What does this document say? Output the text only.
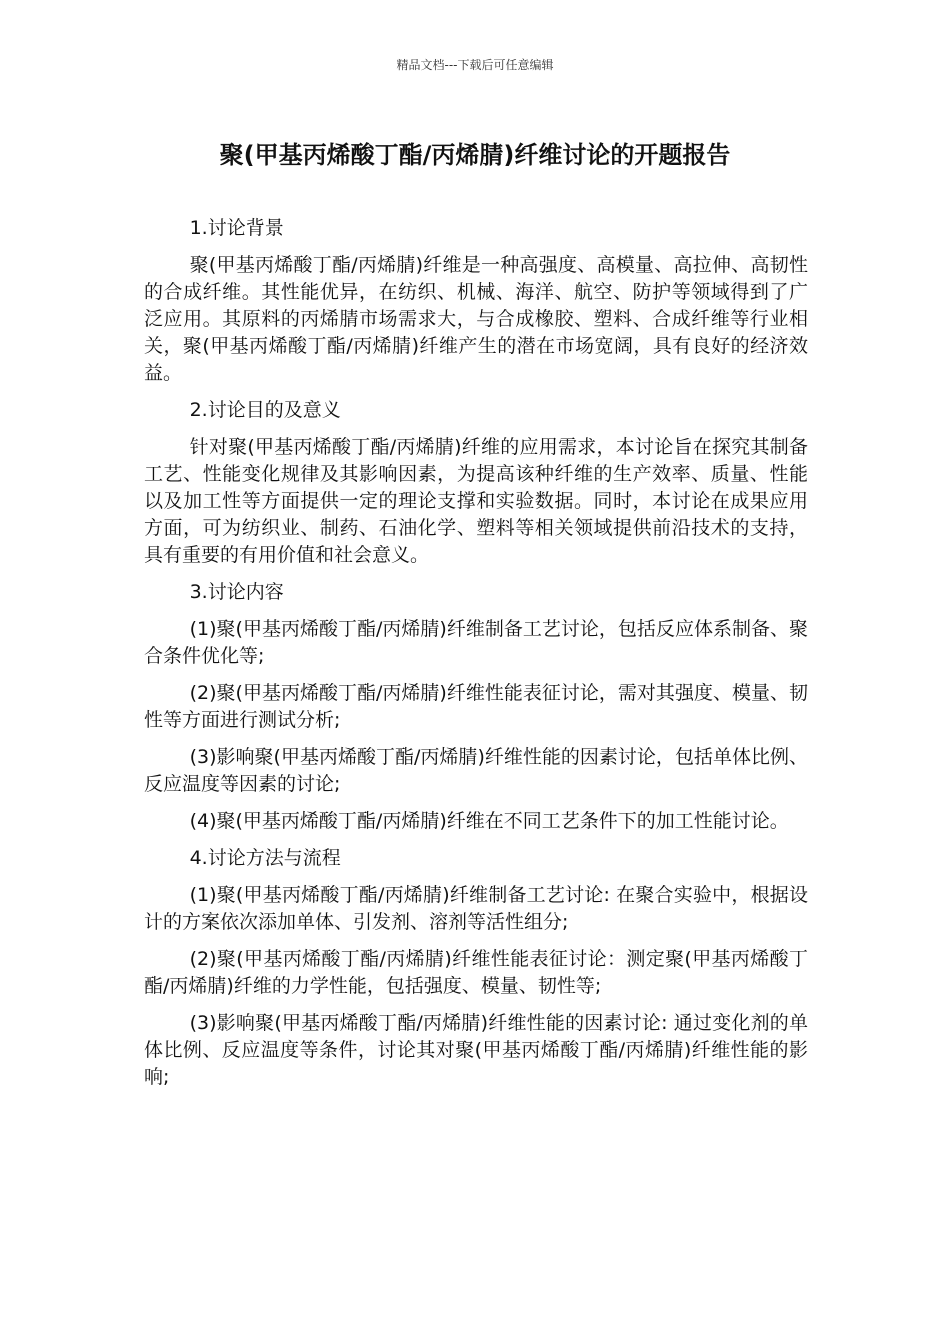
精品文档---下载后可任意编辑
聚(甲基丙烯酸丁酯/丙烯腈)纤维讨论的开题报告

1.讨论背景

聚(甲基丙烯酸丁酯/丙烯腈)纤维是一种高强度、高模量、高拉伸、高韧性的合成纤维。其性能优异，在纺织、机械、海洋、航空、防护等领域得到了广泛应用。其原料的丙烯腈市场需求大，与合成橡胶、塑料、合成纤维等行业相关，聚(甲基丙烯酸丁酯/丙烯腈)纤维产生的潜在市场宽阔，具有良好的经济效益。

2.讨论目的及意义

针对聚(甲基丙烯酸丁酯/丙烯腈)纤维的应用需求，本讨论旨在探究其制备工艺、性能变化规律及其影响因素，为提高该种纤维的生产效率、质量、性能以及加工性等方面提供一定的理论支撑和实验数据。同时，本讨论在成果应用方面，可为纺织业、制药、石油化学、塑料等相关领域提供前沿技术的支持，具有重要的有用价值和社会意义。

3.讨论内容

(1)聚(甲基丙烯酸丁酯/丙烯腈)纤维制备工艺讨论，包括反应体系制备、聚合条件优化等;

(2)聚(甲基丙烯酸丁酯/丙烯腈)纤维性能表征讨论，需对其强度、模量、韧性等方面进行测试分析;

(3)影响聚(甲基丙烯酸丁酯/丙烯腈)纤维性能的因素讨论，包括单体比例、反应温度等因素的讨论;

(4)聚(甲基丙烯酸丁酯/丙烯腈)纤维在不同工艺条件下的加工性能讨论。

4.讨论方法与流程

(1)聚(甲基丙烯酸丁酯/丙烯腈)纤维制备工艺讨论: 在聚合实验中，根据设计的方案依次添加单体、引发剂、溶剂等活性组分;

(2)聚(甲基丙烯酸丁酯/丙烯腈)纤维性能表征讨论：测定聚(甲基丙烯酸丁酯/丙烯腈)纤维的力学性能，包括强度、模量、韧性等;

(3)影响聚(甲基丙烯酸丁酯/丙烯腈)纤维性能的因素讨论: 通过变化剂的单体比例、反应温度等条件，讨论其对聚(甲基丙烯酸丁酯/丙烯腈)纤维性能的影响;
